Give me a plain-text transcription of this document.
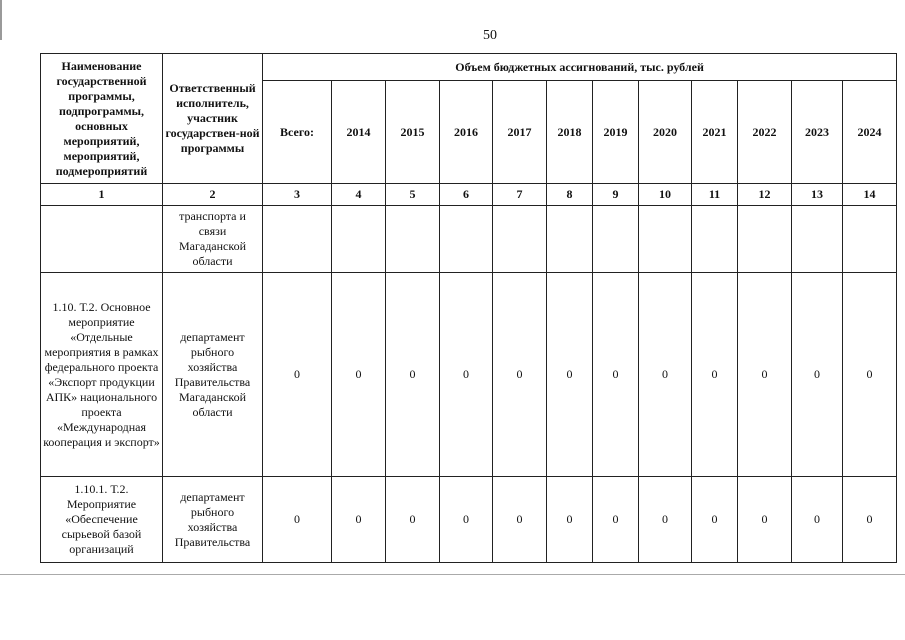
50
Наименование государственной программы, подпрограммы, основных мероприятий, мероприятий, подмероприятий	Ответственный исполнитель, участник государствен-ной программы	Объем бюджетных ассигнований, тыс. рублей											
		Всего:	2014	2015	2016	2017	2018	2019	2020	2021	2022	2023	2024
1	2	3	4	5	6	7	8	9	10	11	12	13	14
	транспорта и связи Магаданской области												
1.10. Т.2. Основное мероприятие «Отдельные мероприятия в рамках федерального проекта «Экспорт продукции АПК» национального проекта «Международная кооперация и экспорт»	департамент рыбного хозяйства Правительства Магаданской области	0	0	0	0	0	0	0	0	0	0	0	0
1.10.1. Т.2. Мероприятие «Обеспечение сырьевой базой организаций	департамент рыбного хозяйства Правительства	0	0	0	0	0	0	0	0	0	0	0	0
